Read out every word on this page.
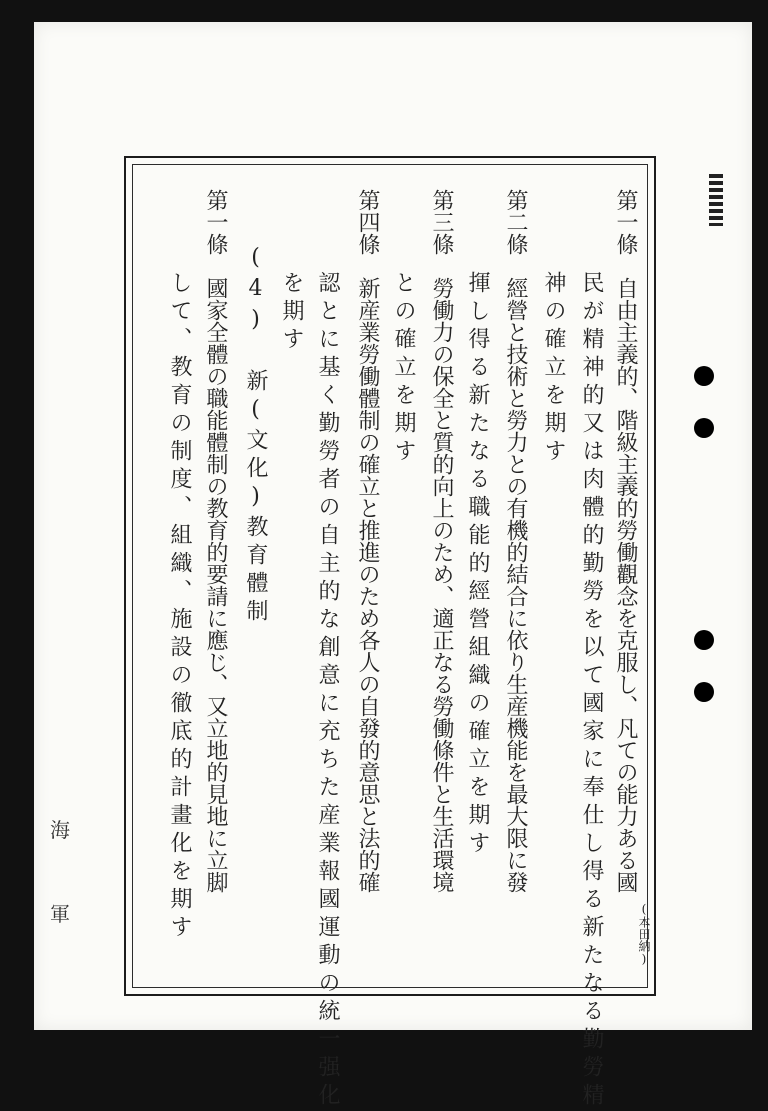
第一條　自由主義的、階級主義的勞働觀念を克服し、凡ての能力ある國
　民が精神的又は肉體的勤勞を以て國家に奉仕し得る新たなる勤勞精
　神の確立を期す
第二條　經營と技術と勞力との有機的結合に依り生産機能を最大限に發
　揮し得る新たなる職能的經營組織の確立を期す
第三條　勞働力の保全と質的向上のため、適正なる勞働條件と生活環境
　との確立を期す
第四條　新産業勞働體制の確立と推進のため各人の自發的意思と法的確
　認とに基く勤勞者の自主的な創意に充ちた産業報國運動の統一强化
　を期す
　　(4) 新(文化)教育體制
第一條　國家全體の職能體制の教育的要請に應じ、又立地的見地に立脚
　して、教育の制度、組織、施設の徹底的計畫化を期す
海
軍	(本田納)
